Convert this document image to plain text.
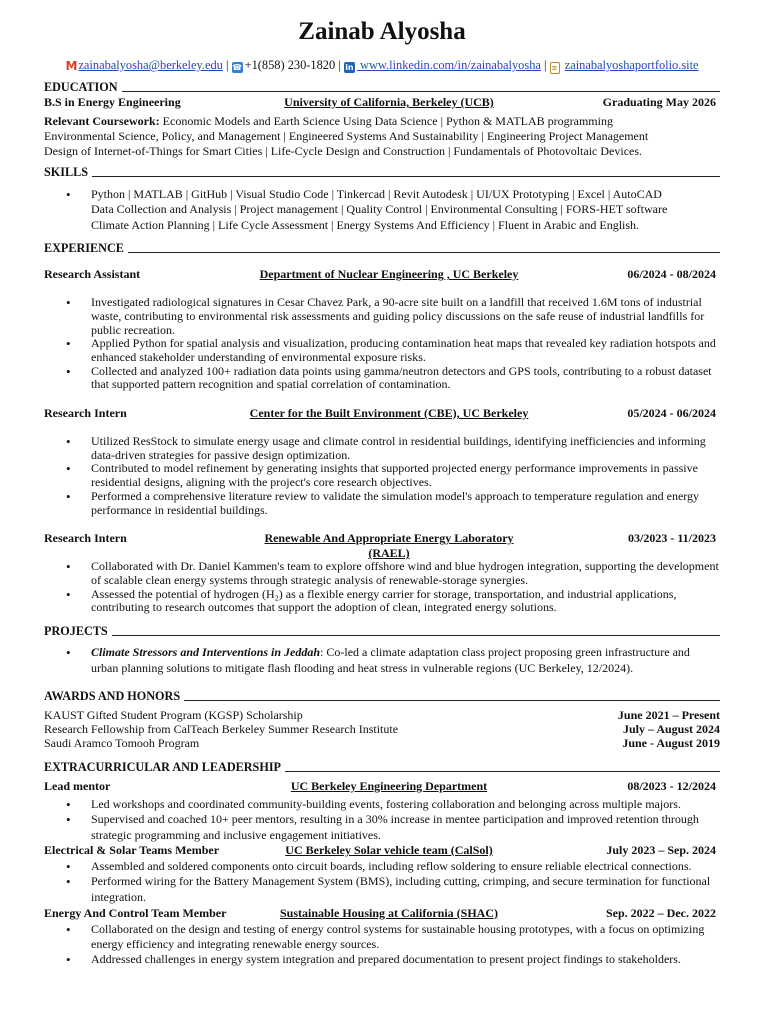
Zainab Alyosha
Mzainabalyosha@berkeley.edu | ☎ +1(858) 230-1820 | in www.linkedin.com/in/zainabalyosha | ≡ zainabalyoshaportfolio.site
EDUCATION
B.S in Energy Engineering	University of California, Berkeley (UCB)	Graduating May 2026
Relevant Coursework: Economic Models and Earth Science Using Data Science | Python & MATLAB programming
Environmental Science, Policy, and Management | Engineered Systems And Sustainability | Engineering Project Management
Design of Internet-of-Things for Smart Cities | Life-Cycle Design and Construction | Fundamentals of Photovoltaic Devices.
SKILLS
• Python | MATLAB | GitHub | Visual Studio Code | Tinkercad | Revit Autodesk | UI/UX Prototyping | Excel | AutoCAD
Data Collection and Analysis | Project management | Quality Control | Environmental Consulting | FORS-HET software
Climate Action Planning | Life Cycle Assessment | Energy Systems And Efficiency | Fluent in Arabic and English.
EXPERIENCE
Research Assistant	Department of Nuclear Engineering , UC Berkeley	06/2024 - 08/2024
• Investigated radiological signatures in Cesar Chavez Park, a 90-acre site built on a landfill that received 1.6M tons of industrial waste, contributing to environmental risk assessments and guiding policy discussions on the safe reuse of industrial landfills for public recreation.
• Applied Python for spatial analysis and visualization, producing contamination heat maps that revealed key radiation hotspots and enhanced stakeholder understanding of environmental exposure risks.
• Collected and analyzed 100+ radiation data points using gamma/neutron detectors and GPS tools, contributing to a robust dataset that supported pattern recognition and spatial correlation of contamination.
Research Intern	Center for the Built Environment (CBE), UC Berkeley	05/2024 - 06/2024
• Utilized ResStock to simulate energy usage and climate control in residential buildings, identifying inefficiencies and informing data-driven strategies for passive design optimization.
• Contributed to model refinement by generating insights that supported projected energy performance improvements in passive residential designs, aligning with the project's core research objectives.
• Performed a comprehensive literature review to validate the simulation model's approach to temperature regulation and energy performance in residential buildings.
Research Intern	Renewable And Appropriate Energy Laboratory (RAEL)
03/2023 - 11/2023
• Collaborated with Dr. Daniel Kammen's team to explore offshore wind and blue hydrogen integration, supporting the development of scalable clean energy systems through strategic analysis of renewable-storage synergies.
• Assessed the potential of hydrogen (H₂) as a flexible energy carrier for storage, transportation, and industrial applications, contributing to research outcomes that support the adoption of clean, integrated energy solutions.
PROJECTS
• Climate Stressors and Interventions in Jeddah: Co-led a climate adaptation class project proposing green infrastructure and urban planning solutions to mitigate flash flooding and heat stress in vulnerable regions (UC Berkeley, 12/2024).
AWARDS AND HONORS
KAUST Gifted Student Program (KGSP) Scholarship	June 2021 – Present
Research Fellowship from CalTeach Berkeley Summer Research Institute	July – August 2024
Saudi Aramco Tomooh Program	June - August 2019
EXTRACURRICULAR AND LEADERSHIP
Lead mentor	UC Berkeley Engineering Department	08/2023 - 12/2024
• Led workshops and coordinated community-building events, fostering collaboration and belonging across multiple majors.
• Supervised and coached 10+ peer mentors, resulting in a 30% increase in mentee participation and improved retention through strategic programming and inclusive engagement initiatives.
Electrical & Solar Teams Member	UC Berkeley Solar vehicle team (CalSol)	July 2023 – Sep. 2024
• Assembled and soldered components onto circuit boards, including reflow soldering to ensure reliable electrical connections.
• Performed wiring for the Battery Management System (BMS), including cutting, crimping, and secure termination for functional integration.
Energy And Control Team Member	Sustainable Housing at California (SHAC)	Sep. 2022 – Dec. 2022
• Collaborated on the design and testing of energy control systems for sustainable housing prototypes, with a focus on optimizing energy efficiency and integrating renewable energy sources.
• Addressed challenges in energy system integration and prepared documentation to present project findings to stakeholders.
